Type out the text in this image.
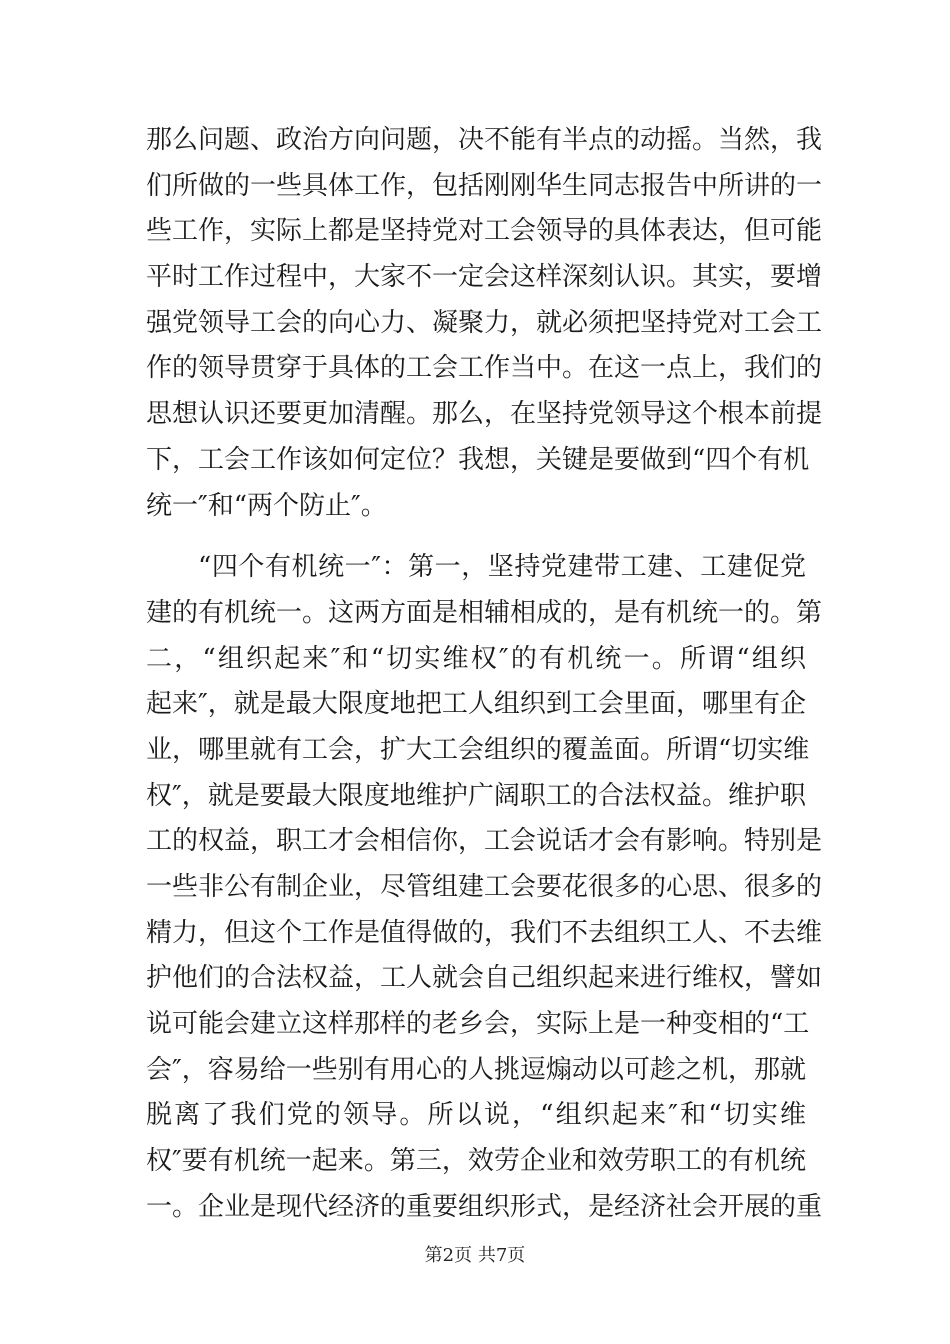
那么问题、政治方向问题，决不能有半点的动摇。当然，我
们所做的一些具体工作，包括刚刚华生同志报告中所讲的一
些工作，实际上都是坚持党对工会领导的具体表达，但可能
平时工作过程中，大家不一定会这样深刻认识。其实，要增
强党领导工会的向心力、凝聚力，就必须把坚持党对工会工
作的领导贯穿于具体的工会工作当中。在这一点上，我们的
思想认识还要更加清醒。那么，在坚持党领导这个根本前提
下，工会工作该如何定位？我想，关键是要做到“四个有机
统一″和“两个防止″。
“四个有机统一″：第一，坚持党建带工建、工建促党
建的有机统一。这两方面是相辅相成的，是有机统一的。第
二，“组织起来″和“切实维权″的有机统一。所谓“组织
起来″，就是最大限度地把工人组织到工会里面，哪里有企
业，哪里就有工会，扩大工会组织的覆盖面。所谓“切实维
权″，就是要最大限度地维护广阔职工的合法权益。维护职
工的权益，职工才会相信你，工会说话才会有影响。特别是
一些非公有制企业，尽管组建工会要花很多的心思、很多的
精力，但这个工作是值得做的，我们不去组织工人、不去维
护他们的合法权益，工人就会自己组织起来进行维权，譬如
说可能会建立这样那样的老乡会，实际上是一种变相的“工
会″，容易给一些别有用心的人挑逗煽动以可趁之机，那就
脱离了我们党的领导。所以说，“组织起来″和“切实维
权″要有机统一起来。第三，效劳企业和效劳职工的有机统
一。企业是现代经济的重要组织形式，是经济社会开展的重
第2页 共7页
